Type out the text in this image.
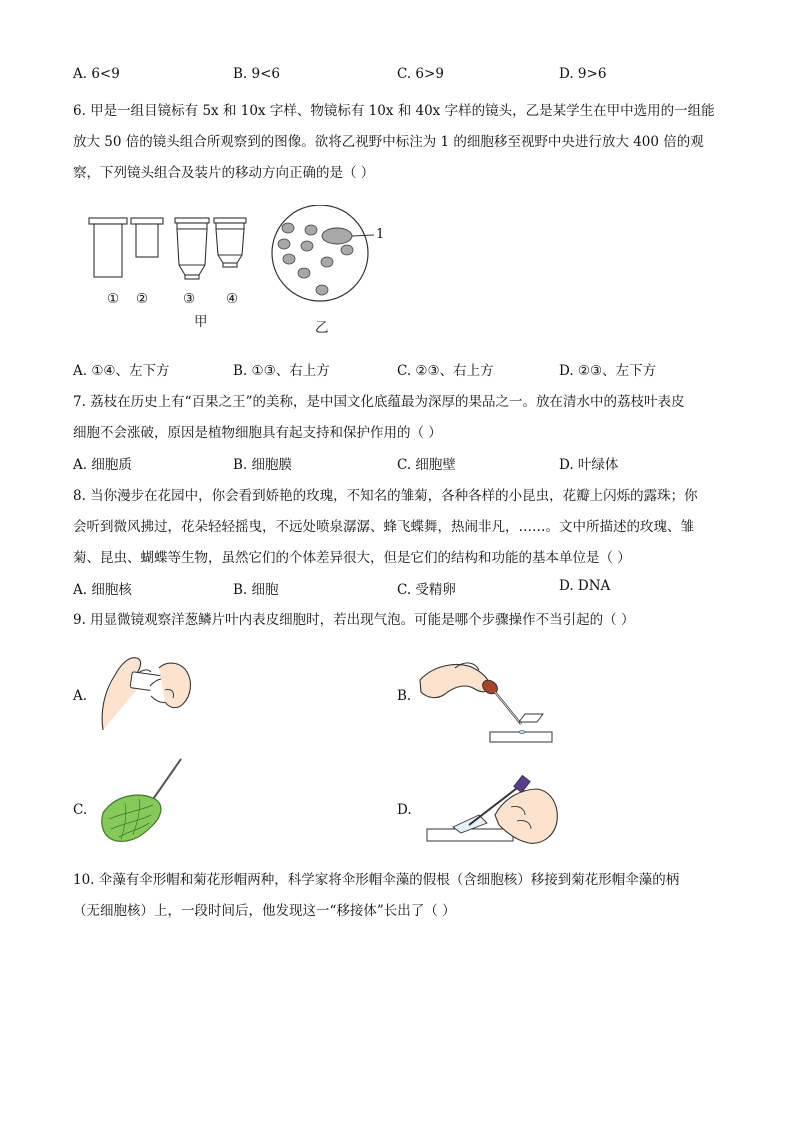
A. 6<9	B. 9<6	C. 6>9	D. 9>6
6. 甲是一组目镜标有 5x 和 10x 字样、物镜标有 10x 和 40x 字样的镜头，乙是某学生在甲中选用的一组能
放大 50 倍的镜头组合所观察到的图像。欲将乙视野中标注为 1 的细胞移至视野中央进行放大 400 倍的观
察，下列镜头组合及装片的移动方向正确的是（ ）
1
① ②	③ ④
甲	乙
A. ①④、左下方	B. ①③、右上方	C. ②③、右上方	D. ②③、左下方
7. 荔枝在历史上有“百果之王”的美称，是中国文化底蕴最为深厚的果品之一。放在清水中的荔枝叶表皮
细胞不会涨破，原因是植物细胞具有起支持和保护作用的（ ）
A. 细胞质	B. 细胞膜	C. 细胞壁	D. 叶绿体
8. 当你漫步在花园中，你会看到娇艳的玫瑰，不知名的雏菊，各种各样的小昆虫，花瓣上闪烁的露珠；你
会听到微风拂过，花朵轻轻摇曳，不远处喷泉潺潺、蜂飞蝶舞，热闹非凡，……。文中所描述的玫瑰、雏
菊、昆虫、蝴蝶等生物，虽然它们的个体差异很大，但是它们的结构和功能的基本单位是（ ）
A. 细胞核	B. 细胞	C. 受精卵	D. DNA
9. 用显微镜观察洋葱鳞片叶内表皮细胞时，若出现气泡。可能是哪个步骤操作不当引起的（ ）
A.	B.
C.	D.
10. 伞藻有伞形帽和菊花形帽两种，科学家将伞形帽伞藻的假根（含细胞核）移接到菊花形帽伞藻的柄
（无细胞核）上，一段时间后，他发现这一“移接体”长出了（ ）
